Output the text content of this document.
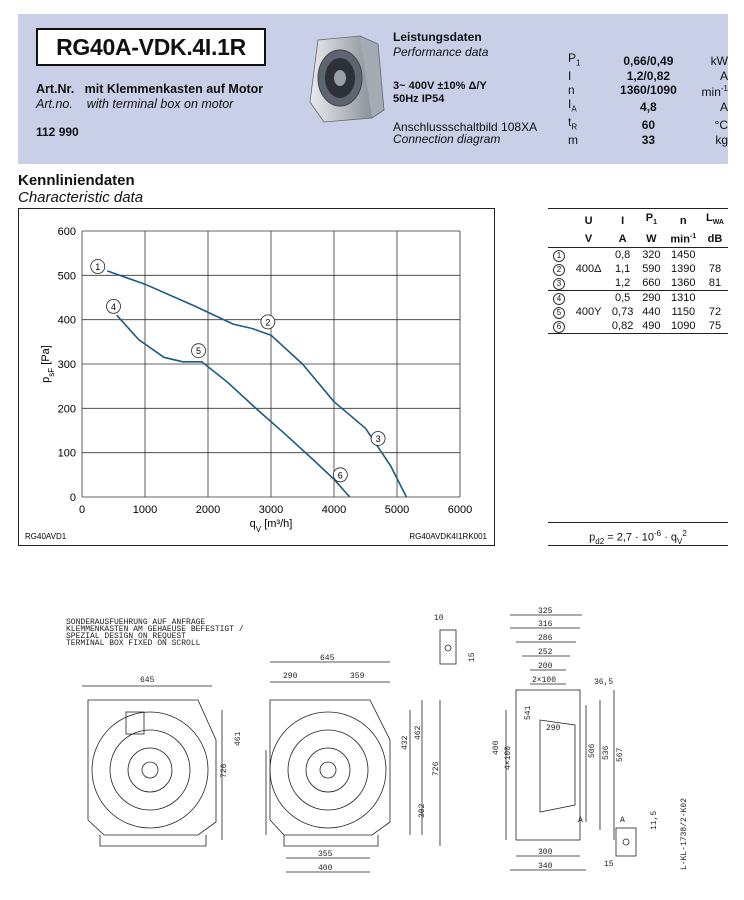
RG40A-VDK.4I.1R
Art.Nr. mit Klemmenkasten auf Motor
Art.no. with terminal box on motor
112 990
Leistungsdaten
Performance data
3~ 400V ±10% Δ/Y
50Hz IP54
Anschlussschaltbild 108XA
Connection diagram
$P_1$	0,66/0,49	kW
I	1,2/0,82	A
n	1360/1090	$\min^{-1}$
$I_A$	4,8	A
$t_R$	60	°C
m	33	kg
Kennliniendaten
Characteristic data
0	1000	2000	3000	4000	5000	6000
0
100
200
300
400
500
600
1
2
3
4
5
6
$q_V$ [m³/h]
$p_{sF}$ [Pa]
RG40AVD1	RG40AVDK4I1RK001
	U	I	$P_1$	n	$L_{WA}$
	V	A	W	$\min^{-1}$	dB
1		0,8	320	1450	
2	400Δ	1,1	590	1390	78
3		1,2	660	1360	81
4		0,5	290	1310	
5	400Y	0,73	440	1150	72
6		0,82	490	1090	75
$p_{d2} = 2,7 \cdot 10^{-6} \cdot q_V^2$
SONDERAUSFUEHRUNG AUF ANFRAGE
KLEMMENKASTEN AM GEHAEUSE BEFESTIGT /
SPEZIAL DESIGN ON REQUEST
TERMINAL BOX FIXED ON SCROLL
645
461
726
645
290	359
432
462
726
302
355
400
325
316
286
252
200
2×100	36,5
290
541
400 4×100	506 536 567
300
340
10
15
A	A	11,5
15	L-KL-1738/2-K02
